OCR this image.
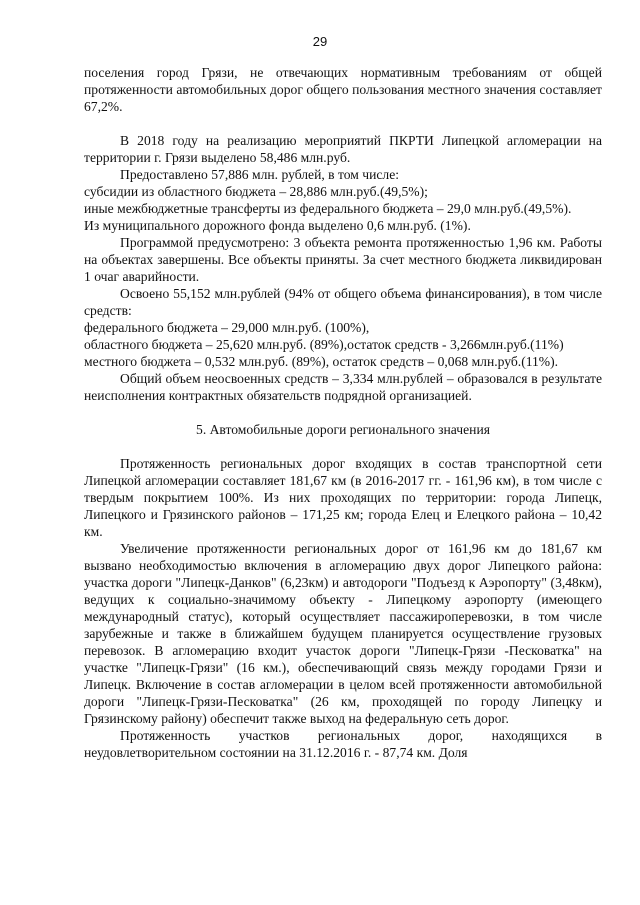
29

поселения город Грязи, не отвечающих нормативным требованиям от общей протяженности автомобильных дорог общего пользования местного значения составляет 67,2%.

В 2018 году на реализацию мероприятий ПКРТИ Липецкой агломерации на территории г. Грязи выделено 58,486 млн.руб.

Предоставлено 57,886 млн. рублей, в том числе:

субсидии из областного бюджета – 28,886 млн.руб.(49,5%);

иные межбюджетные трансферты из федерального бюджета – 29,0 млн.руб.(49,5%).

Из муниципального дорожного фонда выделено 0,6 млн.руб. (1%).

Программой предусмотрено: 3 объекта ремонта протяженностью 1,96 км. Работы на объектах завершены. Все объекты приняты. За счет местного бюджета ликвидирован 1 очаг аварийности.

Освоено 55,152 млн.рублей (94% от общего объема финансирования), в том числе средств:

федерального бюджета – 29,000 млн.руб. (100%),

областного бюджета – 25,620 млн.руб. (89%),остаток средств - 3,266млн.руб.(11%)

местного бюджета – 0,532 млн.руб. (89%), остаток средств – 0,068 млн.руб.(11%).

Общий объем неосвоенных средств – 3,334 млн.рублей – образовался в результате неисполнения контрактных обязательств подрядной организацией.

5. Автомобильные дороги регионального значения

Протяженность региональных дорог входящих в состав транспортной сети Липецкой агломерации составляет 181,67 км (в 2016-2017 гг. - 161,96 км), в том числе с твердым покрытием 100%. Из них проходящих по территории: города Липецк, Липецкого и Грязинского районов – 171,25 км; города Елец и Елецкого района – 10,42 км.

Увеличение протяженности региональных дорог от 161,96 км до 181,67 км вызвано необходимостью включения в агломерацию двух дорог Липецкого района: участка дороги "Липецк-Данков" (6,23км) и автодороги "Подъезд к Аэропорту" (3,48км), ведущих к социально-значимому объекту - Липецкому аэропорту (имеющего международный статус), который осуществляет пассажироперевозки, в том числе зарубежные и также в ближайшем будущем планируется осуществление грузовых перевозок. В агломерацию входит участок дороги "Липецк-Грязи -Песковатка" на участке "Липецк-Грязи" (16 км.), обеспечивающий связь между городами Грязи и Липецк. Включение в состав агломерации в целом всей протяженности автомобильной дороги "Липецк-Грязи-Песковатка" (26 км, проходящей по городу Липецку и Грязинскому району) обеспечит также выход на федеральную сеть дорог.

Протяженность участков региональных дорог, находящихся в неудовлетворительном состоянии на 31.12.2016 г. - 87,74 км. Доля
